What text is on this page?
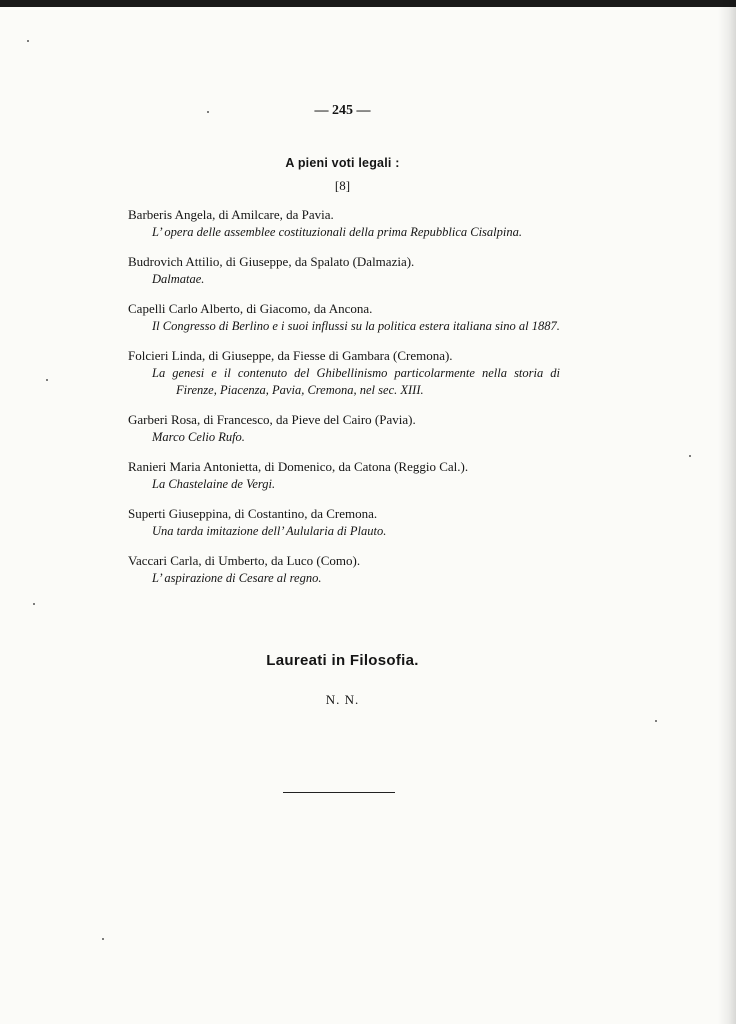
— 245 —
A pieni voti legali :
[8]
Barberis Angela, di Amilcare, da Pavia.
L’ opera delle assemblee costituzionali della prima Repubblica Cisalpina.
Budrovich Attilio, di Giuseppe, da Spalato (Dalmazia).
Dalmatae.
Capelli Carlo Alberto, di Giacomo, da Ancona.
Il Congresso di Berlino e i suoi influssi su la politica estera italiana sino al 1887.
Folcieri Linda, di Giuseppe, da Fiesse di Gambara (Cremona).
La genesi e il contenuto del Ghibellinismo particolarmente nella storia di Firenze, Piacenza, Pavia, Cremona, nel sec. XIII.
Garberi Rosa, di Francesco, da Pieve del Cairo (Pavia).
Marco Celio Rufo.
Ranieri Maria Antonietta, di Domenico, da Catona (Reggio Cal.).
La Chastelaine de Vergi.
Superti Giuseppina, di Costantino, da Cremona.
Una tarda imitazione dell’ Aulularia di Plauto.
Vaccari Carla, di Umberto, da Luco (Como).
L’ aspirazione di Cesare al regno.
Laureati in Filosofia.
N. N.
